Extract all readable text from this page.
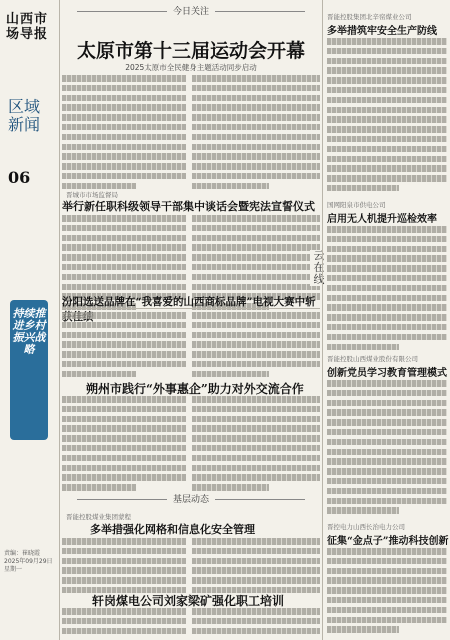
山西市场导报
区域新闻
06
持续推进乡村振兴战略
责编：崔晓霞 2025年09月29日 星期一
今日关注
太原市第十三届运动会开幕
2025太原市全民健身主题活动同步启动
晋城市市场监督局
举行新任职科级领导干部集中谈话会暨宪法宣誓仪式
汾阳选送品牌在“我喜爱的山西商标品牌”电视大赛中斩
朔州市践行“外事惠企”助力对外交流合作
基层动态
晋能控股煤业集团蒙程
多举措强化网格和信息化安全管理
轩岗煤电公司刘家梁矿强化职工培训
云在线
晋能控股集团北辛窑煤业公司
多举措筑牢安全生产防线
国网阳泉市供电公司
启用无人机提升巡检效率
晋能控股山西煤业股份有限公司
创新党员学习教育管理模式
晋控电力山西长治电力公司
征集“金点子”推动科技创新
